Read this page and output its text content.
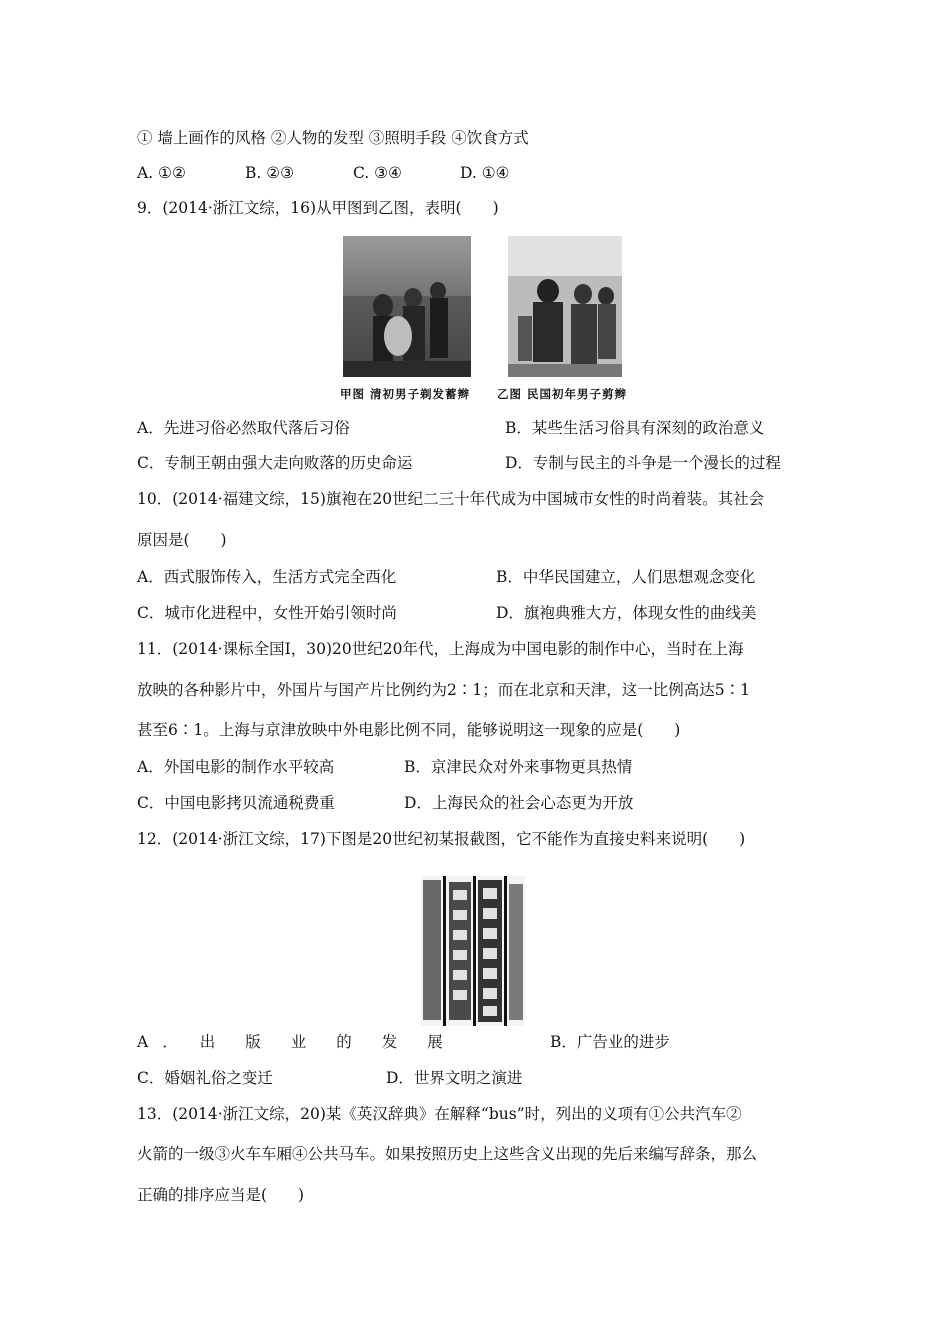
① 墙上画作的风格 ②人物的发型 ③照明手段 ④饮食方式
A. ①②	B. ②③	C. ③④	D. ①④
9．(2014·浙江文综，16)从甲图到乙图，表明(　　)
甲图 清初男子剃发蓄辫 乙图 民国初年男子剪辫
A．先进习俗必然取代落后习俗	B．某些生活习俗具有深刻的政治意义
C．专制王朝由强大走向败落的历史命运	D．专制与民主的斗争是一个漫长的过程
10．(2014·福建文综，15)旗袍在20世纪二三十年代成为中国城市女性的时尚着装。其社会
原因是(　　)
A．西式服饰传入，生活方式完全西化	B．中华民国建立，人们思想观念变化
C．城市化进程中，女性开始引领时尚	D．旗袍典雅大方，体现女性的曲线美
11．(2014·课标全国Ⅰ，30)20世纪20年代，上海成为中国电影的制作中心，当时在上海
放映的各种影片中，外国片与国产片比例约为2∶1；而在北京和天津，这一比例高达5∶1
甚至6∶1。上海与京津放映中外电影比例不同，能够说明这一现象的应是(　　)
A．外国电影的制作水平较高	B．京津民众对外来事物更具热情
C．中国电影拷贝流通税费重	D．上海民众的社会心态更为开放
12．(2014·浙江文综，17)下图是20世纪初某报截图，它不能作为直接史料来说明(　　)
A ． 出 版 业 的 发 展	B．广告业的进步
C．婚姻礼俗之变迁	D．世界文明之演进
13．(2014·浙江文综，20)某《英汉辞典》在解释“bus”时，列出的义项有①公共汽车②
火箭的一级③火车车厢④公共马车。如果按照历史上这些含义出现的先后来编写辞条，那么
正确的排序应当是(　　)
